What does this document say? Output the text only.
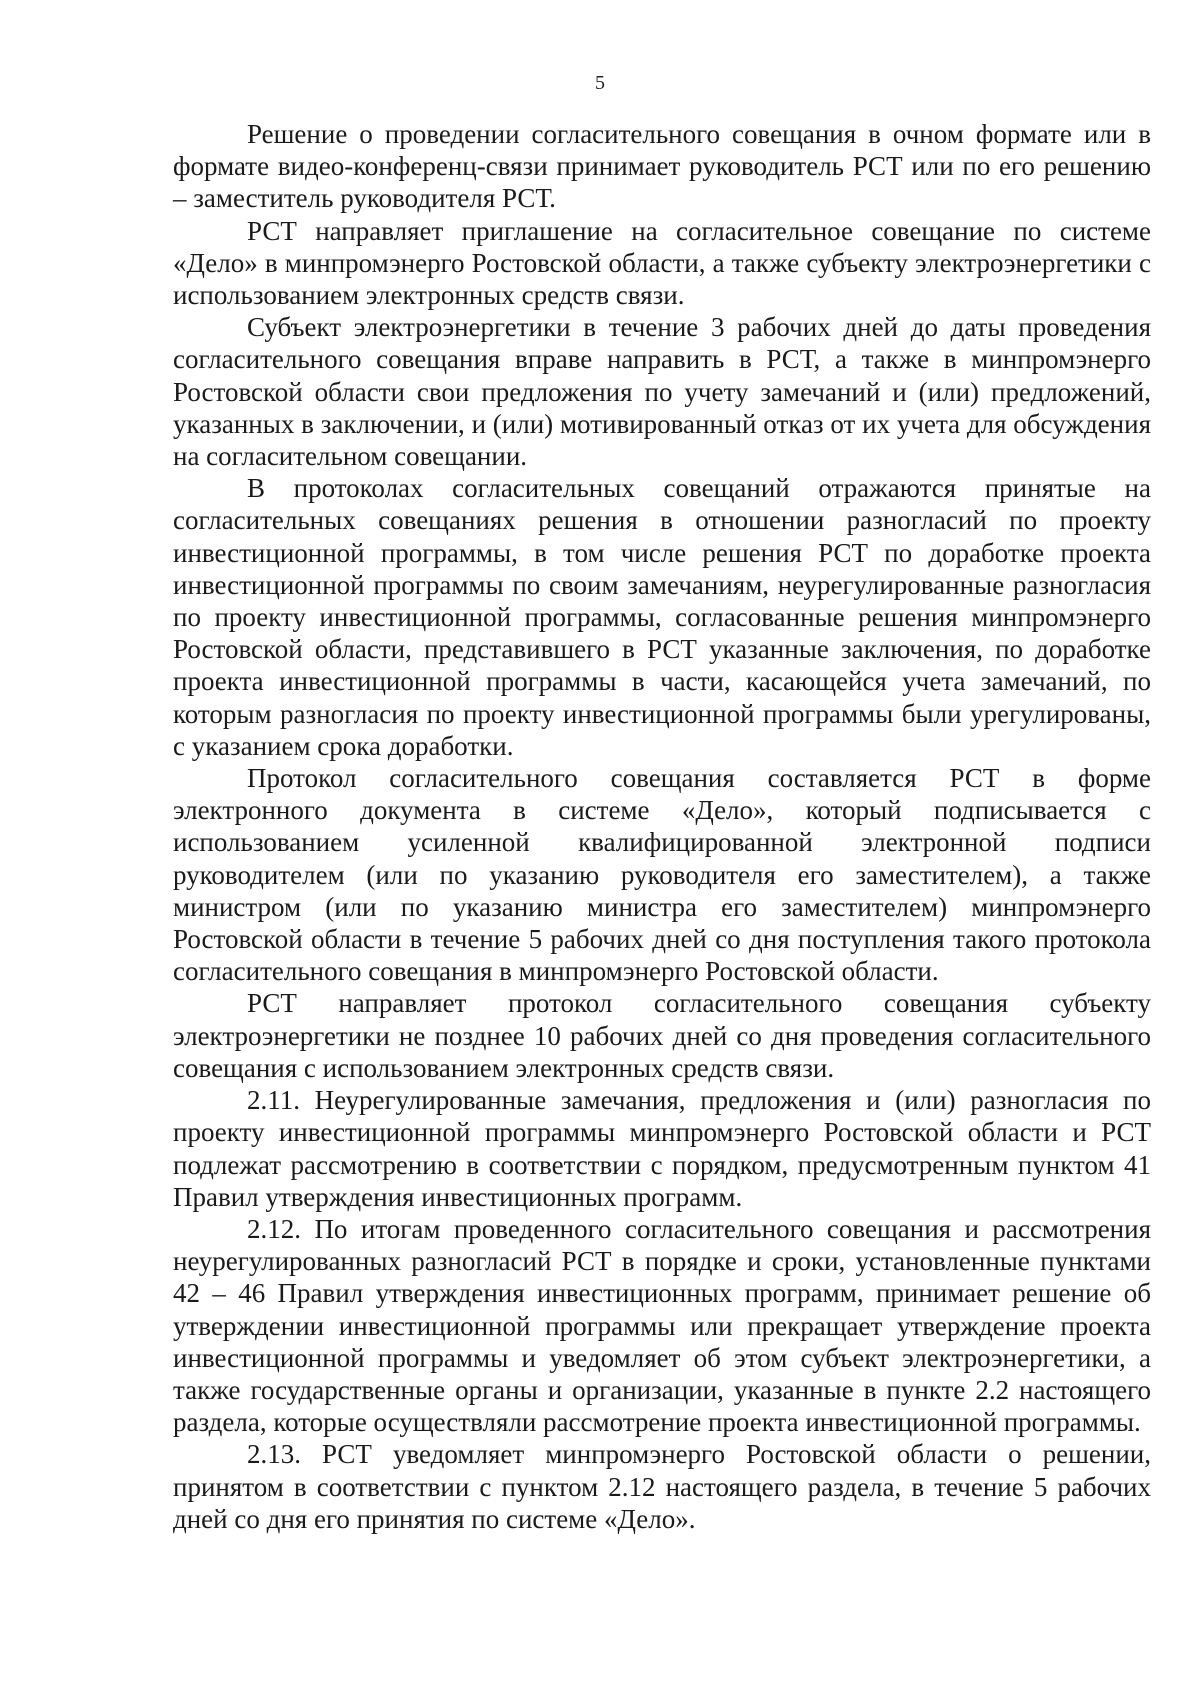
5

Решение о проведении согласительного совещания в очном формате или в формате видео-конференц-связи принимает руководитель РСТ или по его решению – заместитель руководителя РСТ.

РСТ направляет приглашение на согласительное совещание по системе «Дело» в минпромэнерго Ростовской области, а также субъекту электроэнергетики с использованием электронных средств связи.

Субъект электроэнергетики в течение 3 рабочих дней до даты проведения согласительного совещания вправе направить в РСТ, а также в минпромэнерго Ростовской области свои предложения по учету замечаний и (или) предложений, указанных в заключении, и (или) мотивированный отказ от их учета для обсуждения на согласительном совещании.

В протоколах согласительных совещаний отражаются принятые на согласительных совещаниях решения в отношении разногласий по проекту инвестиционной программы, в том числе решения РСТ по доработке проекта инвестиционной программы по своим замечаниям, неурегулированные разногласия по проекту инвестиционной программы, согласованные решения минпромэнерго Ростовской области, представившего в РСТ указанные заключения, по доработке проекта инвестиционной программы в части, касающейся учета замечаний, по которым разногласия по проекту инвестиционной программы были урегулированы, с указанием срока доработки.

Протокол согласительного совещания составляется РСТ в форме электронного документа в системе «Дело», который подписывается с использованием усиленной квалифицированной электронной подписи руководителем (или по указанию руководителя его заместителем), а также министром (или по указанию министра его заместителем) минпромэнерго Ростовской области в течение 5 рабочих дней со дня поступления такого протокола согласительного совещания в минпромэнерго Ростовской области.

РСТ направляет протокол согласительного совещания субъекту электроэнергетики не позднее 10 рабочих дней со дня проведения согласительного совещания с использованием электронных средств связи.

2.11. Неурегулированные замечания, предложения и (или) разногласия по проекту инвестиционной программы минпромэнерго Ростовской области и РСТ подлежат рассмотрению в соответствии с порядком, предусмотренным пунктом 41 Правил утверждения инвестиционных программ.

2.12. По итогам проведенного согласительного совещания и рассмотрения неурегулированных разногласий РСТ в порядке и сроки, установленные пунктами 42 – 46 Правил утверждения инвестиционных программ, принимает решение об утверждении инвестиционной программы или прекращает утверждение проекта инвестиционной программы и уведомляет об этом субъект электроэнергетики, а также государственные органы и организации, указанные в пункте 2.2 настоящего раздела, которые осуществляли рассмотрение проекта инвестиционной программы.

2.13. РСТ уведомляет минпромэнерго Ростовской области о решении, принятом в соответствии с пунктом 2.12 настоящего раздела, в течение 5 рабочих дней со дня его принятия по системе «Дело».
